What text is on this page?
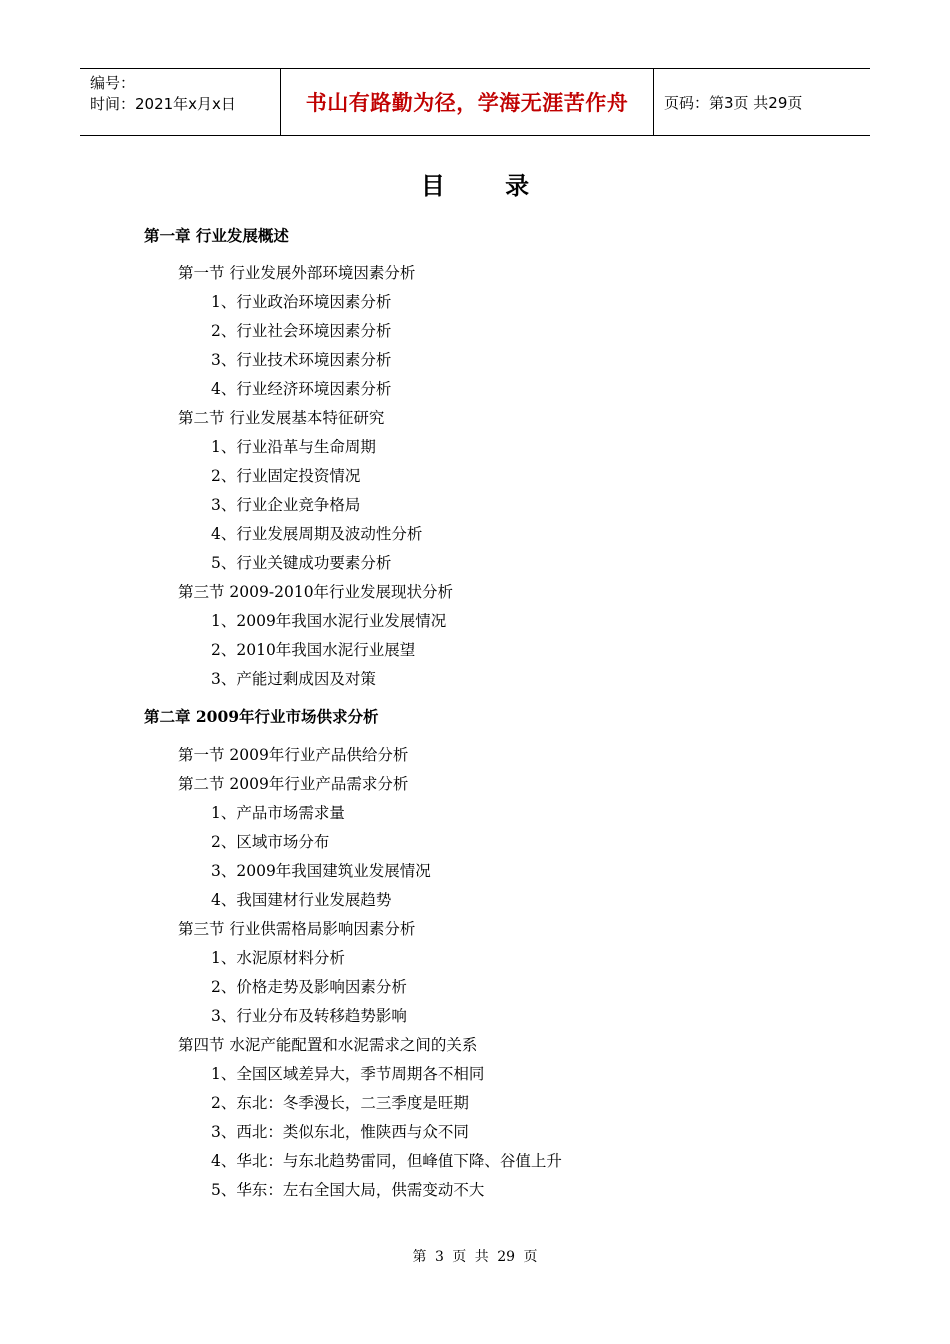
编号：
时间：2021年x月x日	书山有路勤为径，学海无涯苦作舟	页码：第3页 共29页
目 录
第一章 行业发展概述
第一节 行业发展外部环境因素分析
1、行业政治环境因素分析
2、行业社会环境因素分析
3、行业技术环境因素分析
4、行业经济环境因素分析
第二节 行业发展基本特征研究
1、行业沿革与生命周期
2、行业固定投资情况
3、行业企业竞争格局
4、行业发展周期及波动性分析
5、行业关键成功要素分析
第三节 2009-2010年行业发展现状分析
1、2009年我国水泥行业发展情况
2、2010年我国水泥行业展望
3、产能过剩成因及对策
第二章 2009年行业市场供求分析
第一节 2009年行业产品供给分析
第二节 2009年行业产品需求分析
1、产品市场需求量
2、区域市场分布
3、2009年我国建筑业发展情况
4、我国建材行业发展趋势
第三节 行业供需格局影响因素分析
1、水泥原材料分析
2、价格走势及影响因素分析
3、行业分布及转移趋势影响
第四节 水泥产能配置和水泥需求之间的关系
1、全国区域差异大，季节周期各不相同
2、东北：冬季漫长，二三季度是旺期
3、西北：类似东北，惟陕西与众不同
4、华北：与东北趋势雷同，但峰值下降、谷值上升
5、华东：左右全国大局，供需变动不大
第 3 页 共 29 页
